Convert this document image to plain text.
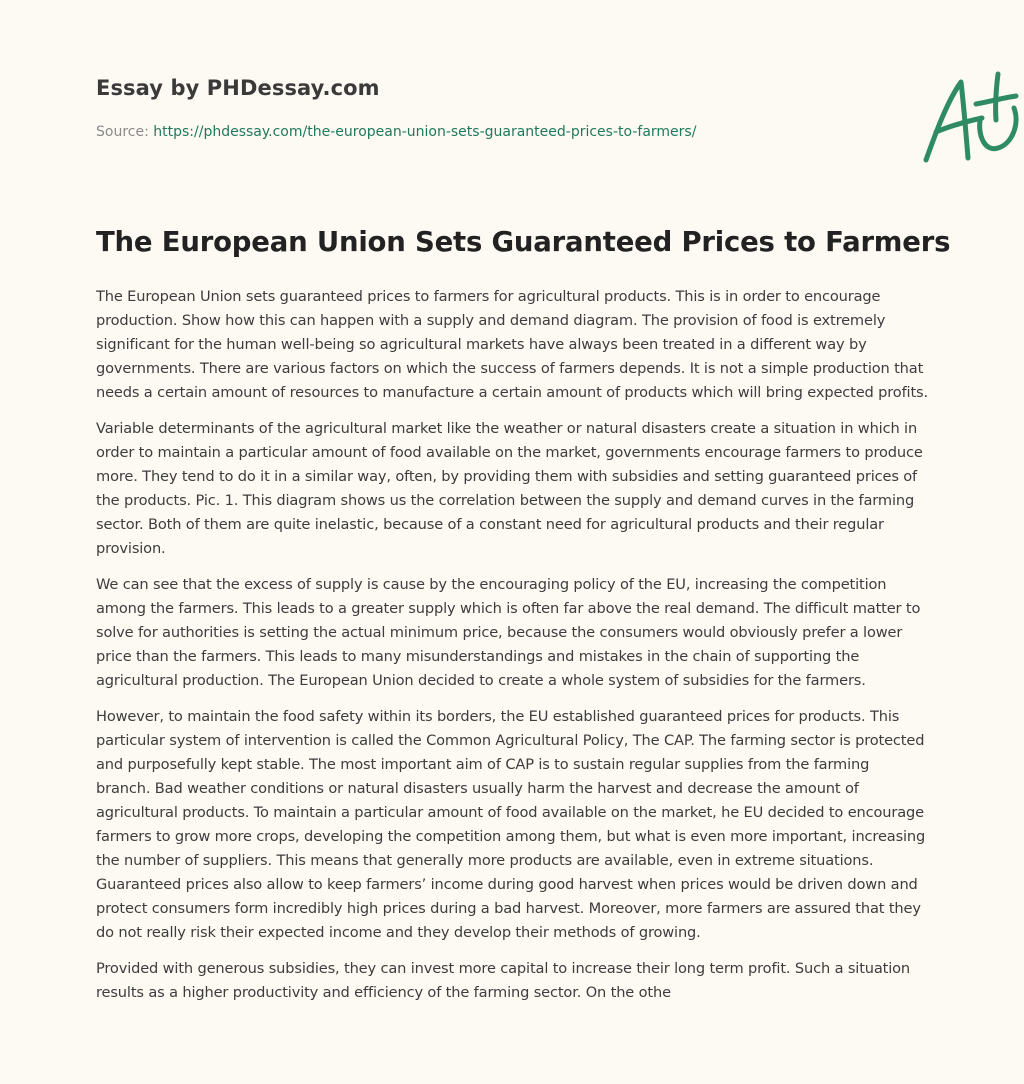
Essay by PHDessay.com
Source: https://phdessay.com/the-european-union-sets-guaranteed-prices-to-farmers/
The European Union Sets Guaranteed Prices to Farmers

The European Union sets guaranteed prices to farmers for agricultural products. This is in order to encourage production. Show how this can happen with a supply and demand diagram. The provision of food is extremely significant for the human well-being so agricultural markets have always been treated in a different way by governments. There are various factors on which the success of farmers depends. It is not a simple production that needs a certain amount of resources to manufacture a certain amount of products which will bring expected profits.

Variable determinants of the agricultural market like the weather or natural disasters create a situation in which in order to maintain a particular amount of food available on the market, governments encourage farmers to produce more. They tend to do it in a similar way, often, by providing them with subsidies and setting guaranteed prices of the products. Pic. 1. This diagram shows us the correlation between the supply and demand curves in the farming sector. Both of them are quite inelastic, because of a constant need for agricultural products and their regular provision.

We can see that the excess of supply is cause by the encouraging policy of the EU, increasing the competition among the farmers. This leads to a greater supply which is often far above the real demand. The difficult matter to solve for authorities is setting the actual minimum price, because the consumers would obviously prefer a lower price than the farmers. This leads to many misunderstandings and mistakes in the chain of supporting the agricultural production. The European Union decided to create a whole system of subsidies for the farmers.

However, to maintain the food safety within its borders, the EU established guaranteed prices for products. This particular system of intervention is called the Common Agricultural Policy, The CAP. The farming sector is protected and purposefully kept stable. The most important aim of CAP is to sustain regular supplies from the farming branch. Bad weather conditions or natural disasters usually harm the harvest and decrease the amount of agricultural products. To maintain a particular amount of food available on the market, he EU decided to encourage farmers to grow more crops, developing the competition among them, but what is even more important, increasing the number of suppliers. This means that generally more products are available, even in extreme situations. Guaranteed prices also allow to keep farmers’ income during good harvest when prices would be driven down and protect consumers form incredibly high prices during a bad harvest. Moreover, more farmers are assured that they do not really risk their expected income and they develop their methods of growing.

Provided with generous subsidies, they can invest more capital to increase their long term profit. Such a situation results as a higher productivity and efficiency of the farming sector. On the othe
